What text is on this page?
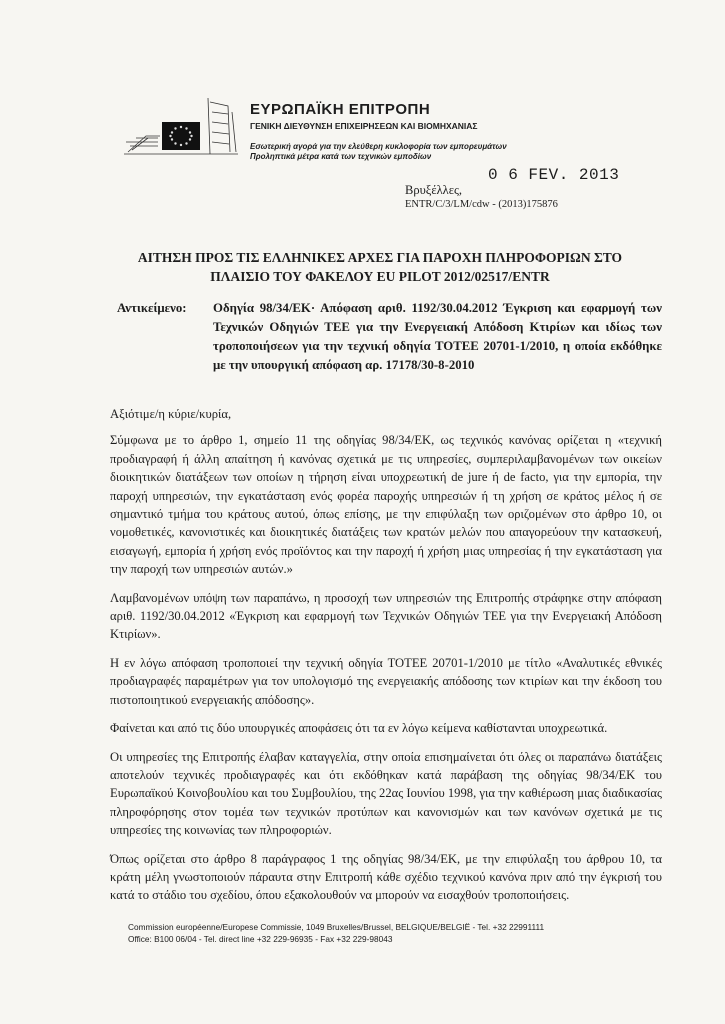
ΕΥΡΩΠΑΪΚΗ ΕΠΙΤΡΟΠΗ

ΓΕΝΙΚΗ ΔΙΕΥΘΥΝΣΗ ΕΠΙΧΕΙΡΗΣΕΩΝ ΚΑΙ ΒΙΟΜΗΧΑΝΙΑΣ

Εσωτερική αγορά για την ελεύθερη κυκλοφορία των εμπορευμάτων

Προληπτικά μέτρα κατά των τεχνικών εμποδίων

0 6 FEV. 2013
Βρυξέλλες,
ENTR/C/3/LM/cdw - (2013)175876
ΑΙΤΗΣΗ ΠΡΟΣ ΤΙΣ ΕΛΛΗΝΙΚΕΣ ΑΡΧΕΣ ΓΙΑ ΠΑΡΟΧΗ ΠΛΗΡΟΦΟΡΙΩΝ ΣΤΟ
ΠΛΑΙΣΙΟ ΤΟΥ ΦΑΚΕΛΟΥ EU PILOT 2012/02517/ENTR
Αντικείμενο: Οδηγία 98/34/ΕΚ· Απόφαση αριθ. 1192/30.04.2012 Έγκριση και εφαρμογή των Τεχνικών Οδηγιών ΤΕΕ για την Ενεργειακή Απόδοση Κτιρίων και ιδίως των τροποποιήσεων για την τεχνική οδηγία ΤΟΤΕΕ 20701-1/2010, η οποία εκδόθηκε με την υπουργική απόφαση αρ. 17178/30-8-2010

Αξιότιμε/η κύριε/κυρία,

Σύμφωνα με το άρθρο 1, σημείο 11 της οδηγίας 98/34/ΕΚ, ως τεχνικός κανόνας ορίζεται η «τεχνική προδιαγραφή ή άλλη απαίτηση ή κανόνας σχετικά με τις υπηρεσίες, συμπεριλαμβανομένων των οικείων διοικητικών διατάξεων των οποίων η τήρηση είναι υποχρεωτική de jure ή de facto, για την εμπορία, την παροχή υπηρεσιών, την εγκατάσταση ενός φορέα παροχής υπηρεσιών ή τη χρήση σε κράτος μέλος ή σε σημαντικό τμήμα του κράτους αυτού, όπως επίσης, με την επιφύλαξη των οριζομένων στο άρθρο 10, οι νομοθετικές, κανονιστικές και διοικητικές διατάξεις των κρατών μελών που απαγορεύουν την κατασκευή, εισαγωγή, εμπορία ή χρήση ενός προϊόντος και την παροχή ή χρήση μιας υπηρεσίας ή την εγκατάσταση για την παροχή των υπηρεσιών αυτών.»

Λαμβανομένων υπόψη των παραπάνω, η προσοχή των υπηρεσιών της Επιτροπής στράφηκε στην απόφαση αριθ. 1192/30.04.2012 «Έγκριση και εφαρμογή των Τεχνικών Οδηγιών ΤΕΕ για την Ενεργειακή Απόδοση Κτιρίων».

Η εν λόγω απόφαση τροποποιεί την τεχνική οδηγία ΤΟΤΕΕ 20701-1/2010 με τίτλο «Αναλυτικές εθνικές προδιαγραφές παραμέτρων για τον υπολογισμό της ενεργειακής απόδοσης των κτιρίων και την έκδοση του πιστοποιητικού ενεργειακής απόδοσης».

Φαίνεται και από τις δύο υπουργικές αποφάσεις ότι τα εν λόγω κείμενα καθίστανται υποχρεωτικά.

Οι υπηρεσίες της Επιτροπής έλαβαν καταγγελία, στην οποία επισημαίνεται ότι όλες οι παραπάνω διατάξεις αποτελούν τεχνικές προδιαγραφές και ότι εκδόθηκαν κατά παράβαση της οδηγίας 98/34/ΕΚ του Ευρωπαϊκού Κοινοβουλίου και του Συμβουλίου, της 22ας Ιουνίου 1998, για την καθιέρωση μιας διαδικασίας πληροφόρησης στον τομέα των τεχνικών προτύπων και κανονισμών και των κανόνων σχετικά με τις υπηρεσίες της κοινωνίας των πληροφοριών.

Όπως ορίζεται στο άρθρο 8 παράγραφος 1 της οδηγίας 98/34/ΕΚ, με την επιφύλαξη του άρθρου 10, τα κράτη μέλη γνωστοποιούν πάραυτα στην Επιτροπή κάθε σχέδιο τεχνικού κανόνα πριν από την έγκρισή του κατά το στάδιο του σχεδίου, όπου εξακολουθούν να μπορούν να εισαχθούν τροποποιήσεις.

Commission européenne/Europese Commissie, 1049 Bruxelles/Brussel, BELGIQUE/BELGIË - Tel. +32 22991111
Office: B100 06/04 - Tel. direct line +32 229-96935 - Fax +32 229-98043
